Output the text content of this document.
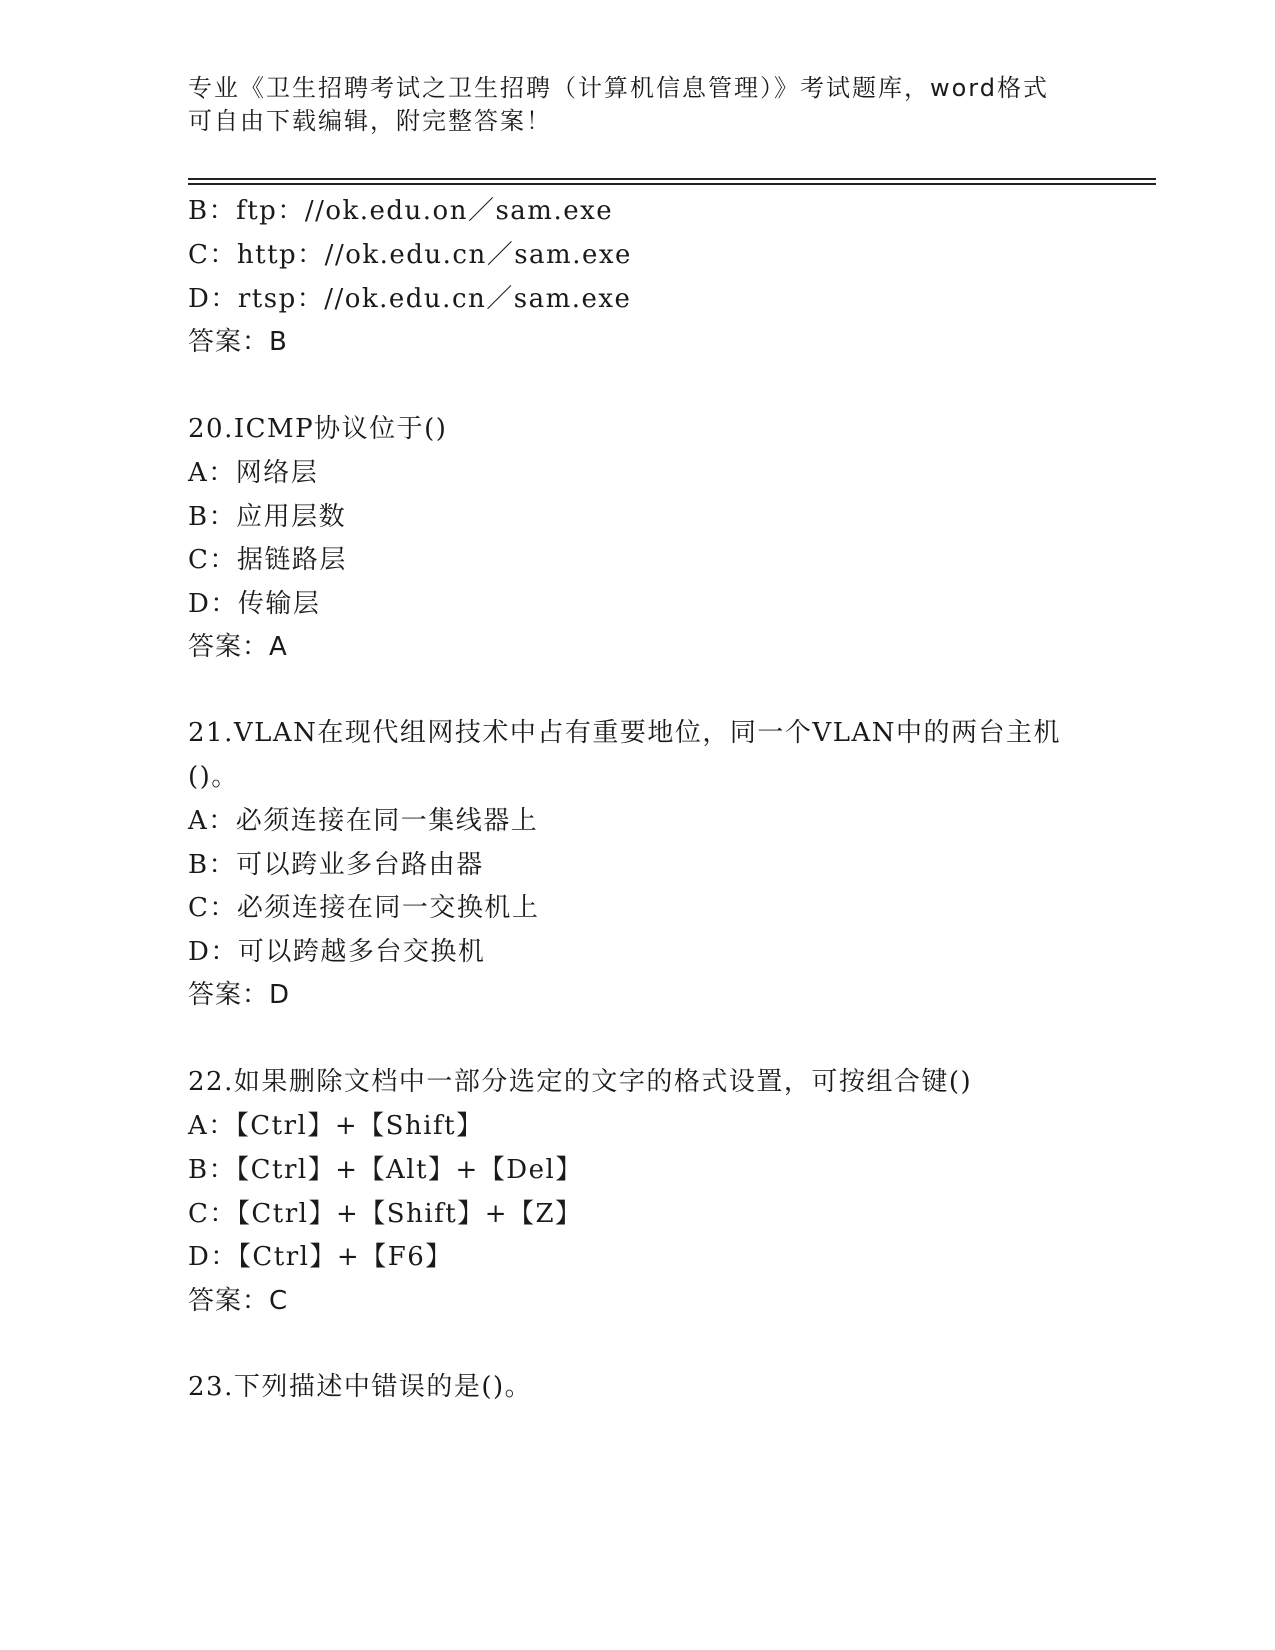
专业《卫生招聘考试之卫生招聘（计算机信息管理）》考试题库，word格式可自由下载编辑，附完整答案！
B：ftp：//ok.edu.on／sam.exe
C：http：//ok.edu.cn／sam.exe
D：rtsp：//ok.edu.cn／sam.exe
答案：B
20.ICMP协议位于()
A：网络层
B：应用层数
C：据链路层
D：传输层
答案：A
21.VLAN在现代组网技术中占有重要地位，同一个VLAN中的两台主机
()。
A：必须连接在同一集线器上
B：可以跨业多台路由器
C：必须连接在同一交换机上
D：可以跨越多台交换机
答案：D
22.如果删除文档中一部分选定的文字的格式设置，可按组合键()
A：【Ctrl】+【Shift】
B：【Ctrl】+【Alt】+【Del】
C：【Ctrl】+【Shift】+【Z】
D：【Ctrl】+【F6】
答案：C
23.下列描述中错误的是()。
